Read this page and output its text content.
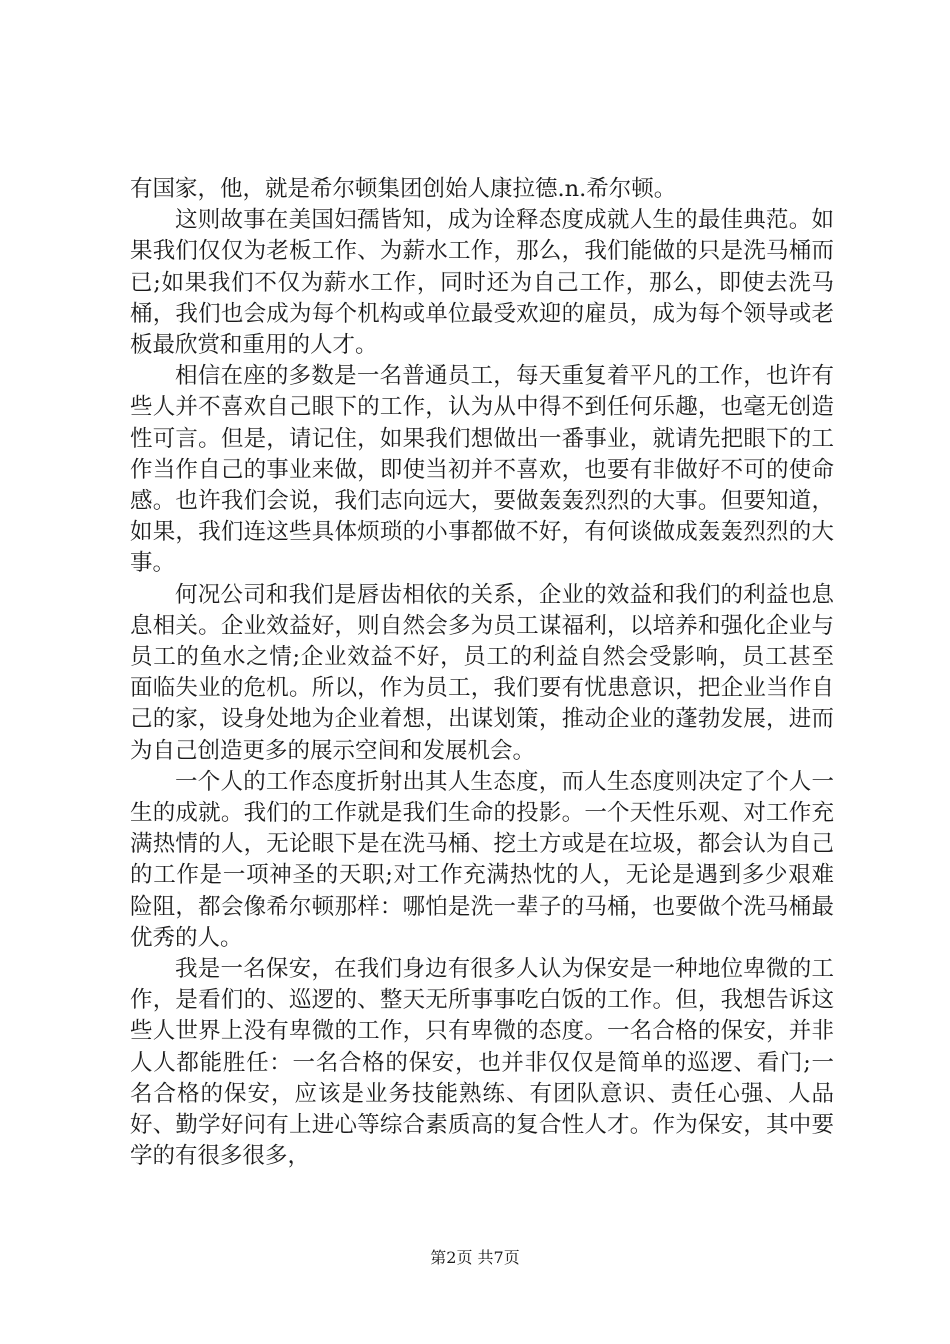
有国家，他，就是希尔顿集团创始人康拉德.n.希尔顿。

这则故事在美国妇孺皆知，成为诠释态度成就人生的最佳典范。如果我们仅仅为老板工作、为薪水工作，那么，我们能做的只是洗马桶而已;如果我们不仅为薪水工作，同时还为自己工作，那么，即使去洗马桶，我们也会成为每个机构或单位最受欢迎的雇员，成为每个领导或老板最欣赏和重用的人才。

相信在座的多数是一名普通员工，每天重复着平凡的工作，也许有些人并不喜欢自己眼下的工作，认为从中得不到任何乐趣，也毫无创造性可言。但是，请记住，如果我们想做出一番事业，就请先把眼下的工作当作自己的事业来做，即使当初并不喜欢，也要有非做好不可的使命感。也许我们会说，我们志向远大，要做轰轰烈烈的大事。但要知道，如果，我们连这些具体烦琐的小事都做不好，有何谈做成轰轰烈烈的大事。

何况公司和我们是唇齿相依的关系，企业的效益和我们的利益也息息相关。企业效益好，则自然会多为员工谋福利，以培养和强化企业与员工的鱼水之情;企业效益不好，员工的利益自然会受影响，员工甚至面临失业的危机。所以，作为员工，我们要有忧患意识，把企业当作自己的家，设身处地为企业着想，出谋划策，推动企业的蓬勃发展，进而为自己创造更多的展示空间和发展机会。

一个人的工作态度折射出其人生态度，而人生态度则决定了个人一生的成就。我们的工作就是我们生命的投影。一个天性乐观、对工作充满热情的人，无论眼下是在洗马桶、挖土方或是在垃圾，都会认为自己的工作是一项神圣的天职;对工作充满热忱的人，无论是遇到多少艰难险阻，都会像希尔顿那样：哪怕是洗一辈子的马桶，也要做个洗马桶最优秀的人。

我是一名保安，在我们身边有很多人认为保安是一种地位卑微的工作，是看们的、巡逻的、整天无所事事吃白饭的工作。但，我想告诉这些人世界上没有卑微的工作，只有卑微的态度。一名合格的保安，并非人人都能胜任：一名合格的保安，也并非仅仅是简单的巡逻、看门;一名合格的保安，应该是业务技能熟练、有团队意识、责任心强、人品好、勤学好问有上进心等综合素质高的复合性人才。作为保安，其中要学的有很多很多，

第2页 共7页
